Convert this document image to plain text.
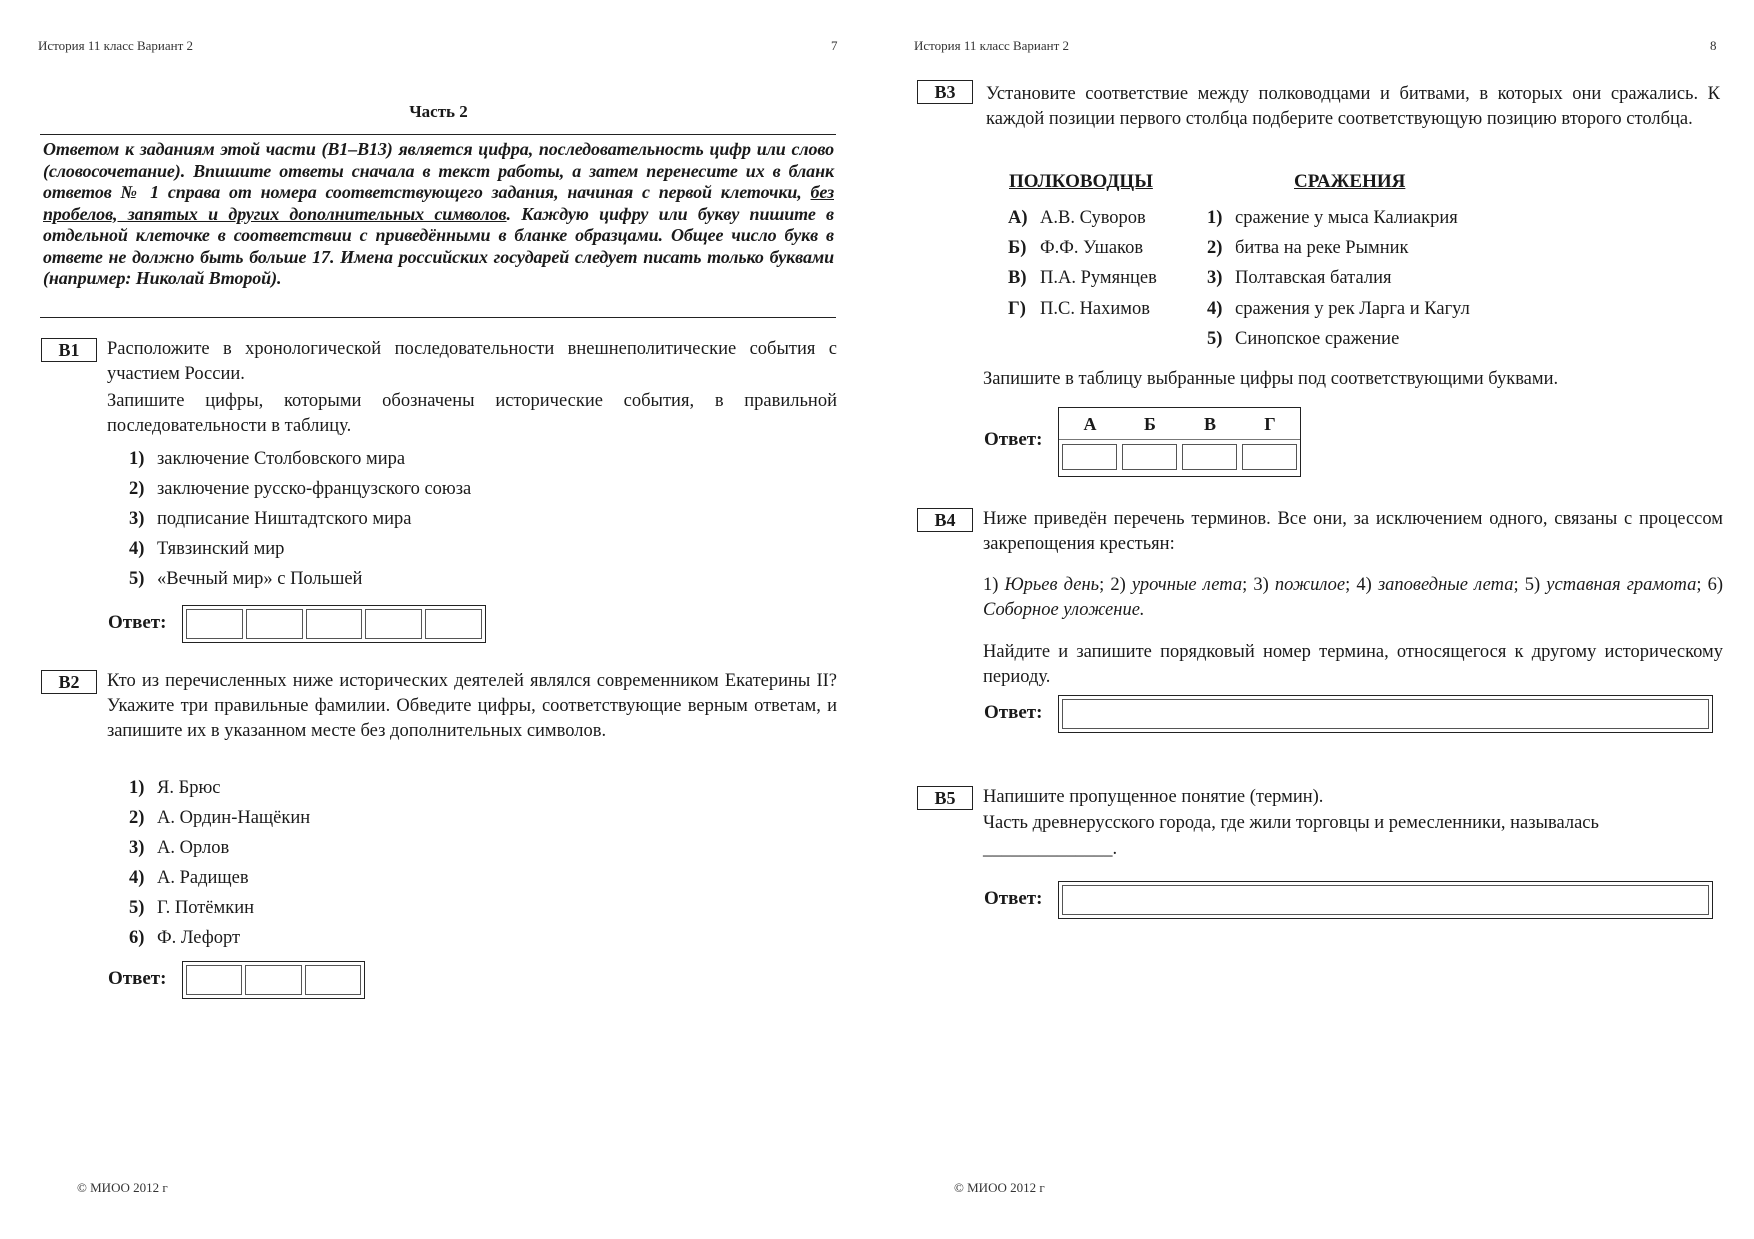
История 11 класс Вариант 2	7
Часть 2
Ответом к заданиям этой части (В1–В13) является цифра, последовательность цифр или слово (словосочетание). Впишите ответы сначала в текст работы, а затем перенесите их в бланк ответов № 1 справа от номера соответствующего задания, начиная с первой клеточки, без пробелов, запятых и других дополнительных символов. Каждую цифру или букву пишите в отдельной клеточке в соответствии с приведёнными в бланке образцами. Общее число букв в ответе не должно быть больше 17. Имена российских государей следует писать только буквами (например: Николай Второй).
В1	Расположите в хронологической последовательности внешнеполитические события с участием России.
Запишите цифры, которыми обозначены исторические события, в правильной последовательности в таблицу.
1) заключение Столбовского мира
2) заключение русско-французского союза
3) подписание Ништадтского мира
4) Тявзинский мир
5) «Вечный мир» с Польшей
Ответ:
В2	Кто из перечисленных ниже исторических деятелей являлся современником Екатерины II? Укажите три правильные фамилии. Обведите цифры, соответствующие верным ответам, и запишите их в указанном месте без дополнительных символов.
1) Я. Брюс
2) А. Ордин-Нащёкин
3) А. Орлов
4) А. Радищев
5) Г. Потёмкин
6) Ф. Лефорт
Ответ:
© МИОО 2012 г
История 11 класс Вариант 2	8
В3	Установите соответствие между полководцами и битвами, в которых они сражались. К каждой позиции первого столбца подберите соответствующую позицию второго столбца.
ПОЛКОВОДЦЫ	СРАЖЕНИЯ
А) А.В. Суворов
Б) Ф.Ф. Ушаков
В) П.А. Румянцев
Г) П.С. Нахимов
1) сражение у мыса Калиакрия
2) битва на реке Рымник
3) Полтавская баталия
4) сражения у рек Ларга и Кагул
5) Синопское сражение
Запишите в таблицу выбранные цифры под соответствующими буквами.
Ответ:
А	Б	В	Г
В4	Ниже приведён перечень терминов. Все они, за исключением одного, связаны с процессом закрепощения крестьян:
1) Юрьев день; 2) урочные лета; 3) пожилое; 4) заповедные лета; 5) уставная грамота; 6) Соборное уложение.
Найдите и запишите порядковый номер термина, относящегося к другому историческому периоду.
Ответ:
В5	Напишите пропущенное понятие (термин).
Часть древнерусского города, где жили торговцы и ремесленники, называлась
______________.
Ответ:
© МИОО 2012 г
